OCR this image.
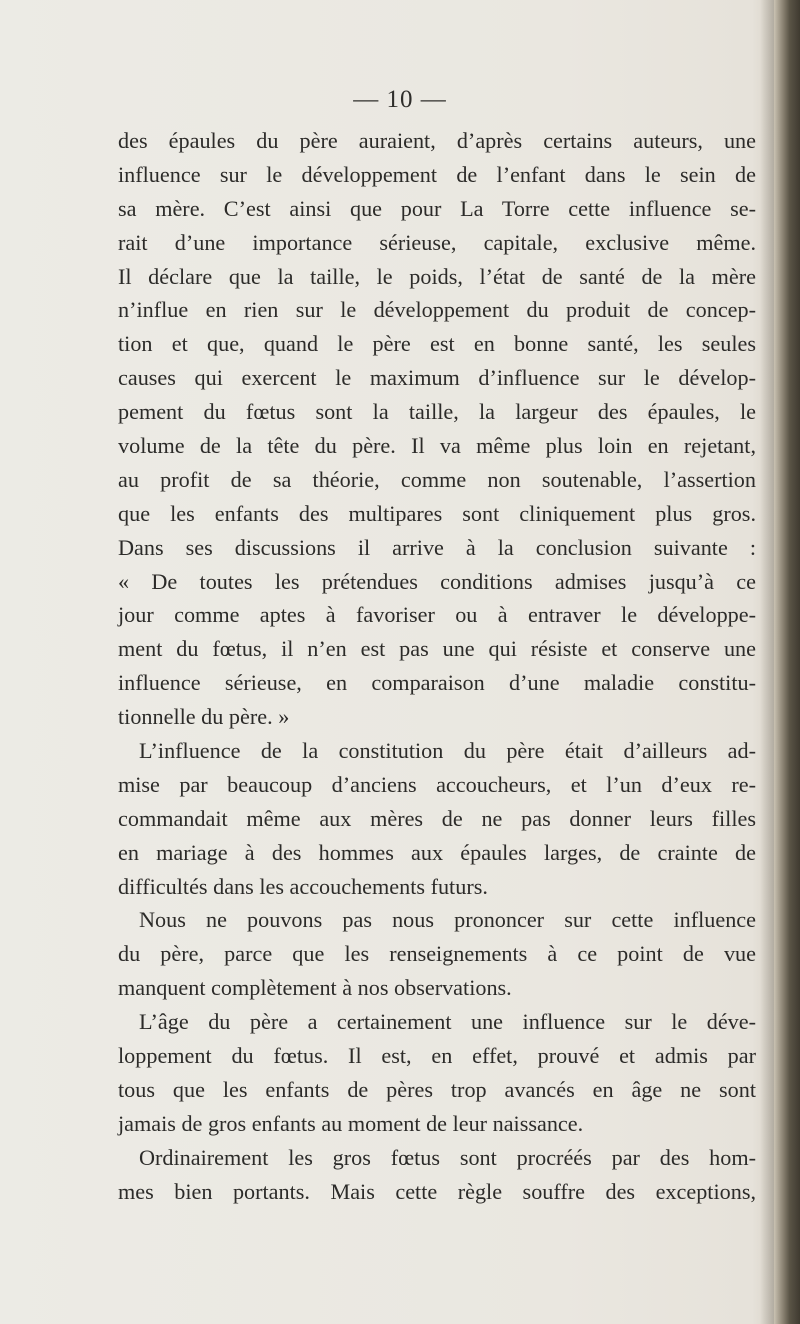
— 10 —
des épaules du père auraient, d’après certains auteurs, une
influence sur le développement de l’enfant dans le sein de
sa mère. C’est ainsi que pour La Torre cette influence se-
rait d’une importance sérieuse, capitale, exclusive même.
Il déclare que la taille, le poids, l’état de santé de la mère
n’influe en rien sur le développement du produit de concep-
tion et que, quand le père est en bonne santé, les seules
causes qui exercent le maximum d’influence sur le dévelop-
pement du fœtus sont la taille, la largeur des épaules, le
volume de la tête du père. Il va même plus loin en rejetant,
au profit de sa théorie, comme non soutenable, l’assertion
que les enfants des multipares sont cliniquement plus gros.
Dans ses discussions il arrive à la conclusion suivante :
« De toutes les prétendues conditions admises jusqu’à ce
jour comme aptes à favoriser ou à entraver le développe-
ment du fœtus, il n’en est pas une qui résiste et conserve une
influence sérieuse, en comparaison d’une maladie constitu-
tionnelle du père. »
L’influence de la constitution du père était d’ailleurs ad-
mise par beaucoup d’anciens accoucheurs, et l’un d’eux re-
commandait même aux mères de ne pas donner leurs filles
en mariage à des hommes aux épaules larges, de crainte de
difficultés dans les accouchements futurs.
Nous ne pouvons pas nous prononcer sur cette influence
du père, parce que les renseignements à ce point de vue
manquent complètement à nos observations.
L’âge du père a certainement une influence sur le déve-
loppement du fœtus. Il est, en effet, prouvé et admis par
tous que les enfants de pères trop avancés en âge ne sont
jamais de gros enfants au moment de leur naissance.
Ordinairement les gros fœtus sont procréés par des hom-
mes bien portants. Mais cette règle souffre des exceptions,
